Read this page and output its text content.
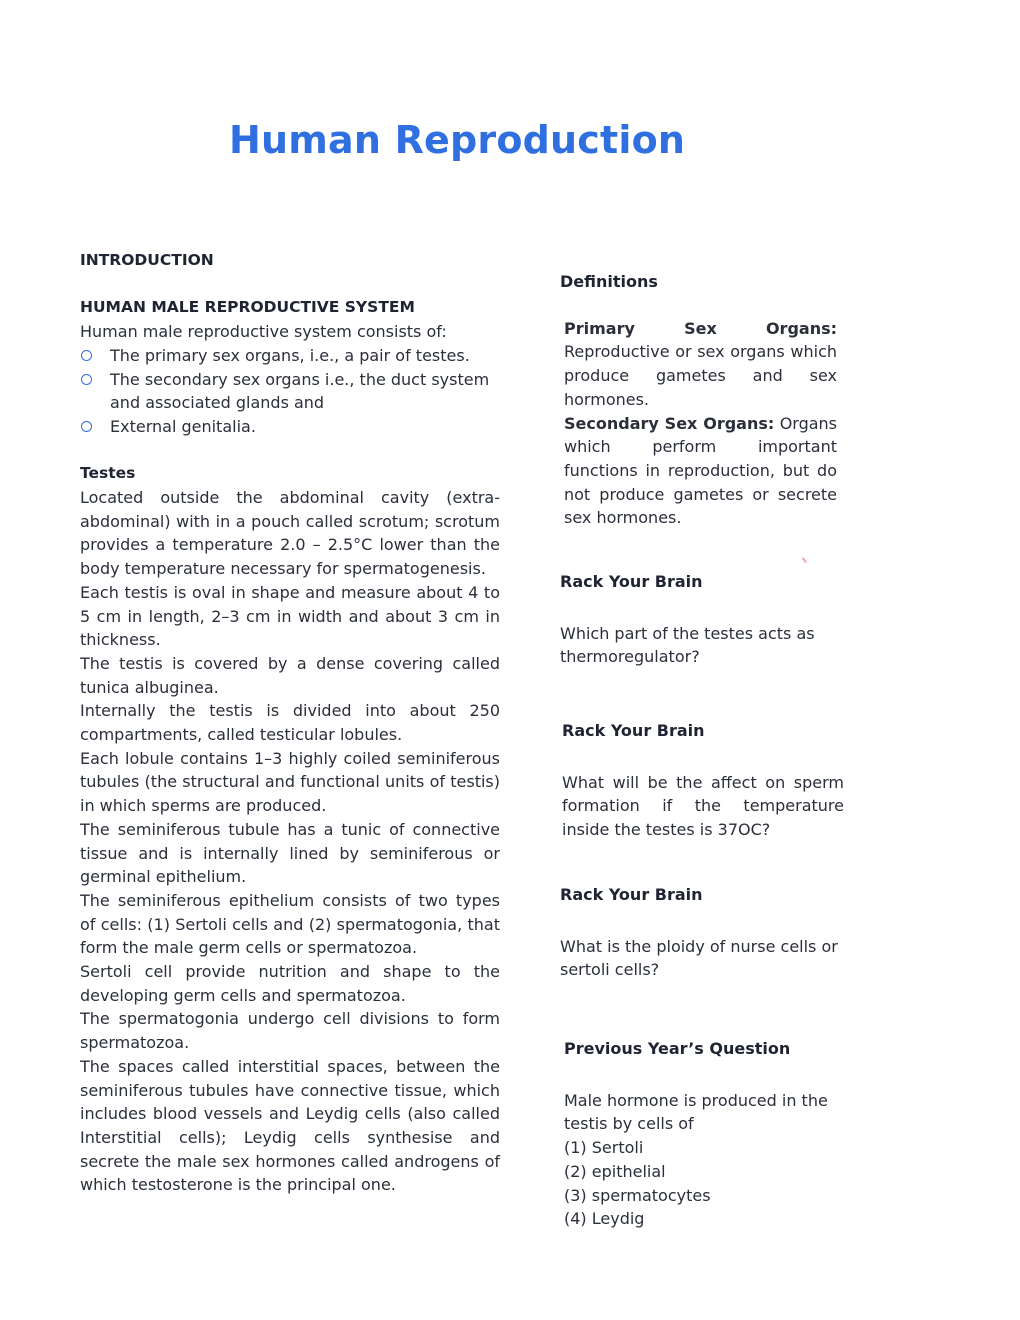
Human Reproduction

INTRODUCTION

HUMAN MALE REPRODUCTIVE SYSTEM

Human male reproductive system consists of:

The primary sex organs, i.e., a pair of testes.
The secondary sex organs i.e., the duct system and associated glands and
External genitalia.

Testes

Located outside the abdominal cavity (extra-abdominal) with in a pouch called scrotum; scrotum provides a temperature 2.0 – 2.5°C lower than the body temperature necessary for spermatogenesis.

Each testis is oval in shape and measure about 4 to 5 cm in length, 2–3 cm in width and about 3 cm in thickness.

The testis is covered by a dense covering called tunica albuginea.

Internally the testis is divided into about 250 compartments, called testicular lobules.

Each lobule contains 1–3 highly coiled seminiferous tubules (the structural and functional units of testis) in which sperms are produced.

The seminiferous tubule has a tunic of connective tissue and is internally lined by seminiferous or germinal epithelium.

The seminiferous epithelium consists of two types of cells: (1) Sertoli cells and (2) spermatogonia, that form the male germ cells or spermatozoa.

Sertoli cell provide nutrition and shape to the developing germ cells and spermatozoa.

The spermatogonia undergo cell divisions to form spermatozoa.

The spaces called interstitial spaces, between the seminiferous tubules have connective tissue, which includes blood vessels and Leydig cells (also called Interstitial cells); Leydig cells synthesise and secrete the male sex hormones called androgens of which testosterone is the principal one.

Definitions

Primary Sex Organs: Reproductive or sex organs which produce gametes and sex hormones.

Secondary Sex Organs: Organs which perform important functions in reproduction, but do not produce gametes or secrete sex hormones.

Rack Your Brain

Which part of the testes acts as thermoregulator?

Rack Your Brain

What will be the affect on sperm formation if the temperature inside the testes is 37OC?

Rack Your Brain

What is the ploidy of nurse cells or sertoli cells?

Previous Year’s Question

Male hormone is produced in the testis by cells of

(1) Sertoli

(2) epithelial

(3) spermatocytes

(4) Leydig
